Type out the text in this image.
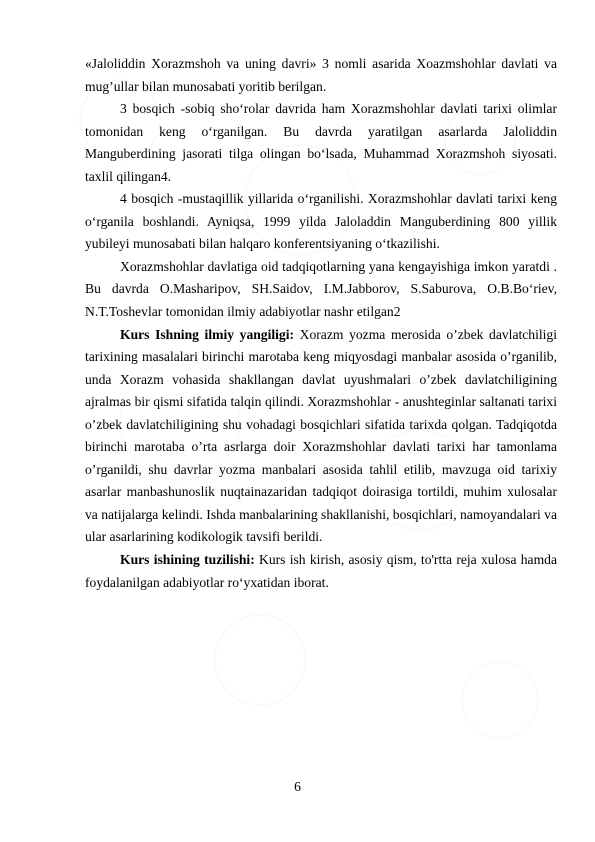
«Jaloliddin Xorazmshoh va uning davri» 3 nomli asarida Xoazmshohlar davlati va mug’ullar bilan munosabati yoritib berilgan.

3 bosqich -sobiq sho‘rolar davrida ham Xorazmshohlar davlati tarixi olimlar tomonidan keng o‘rganilgan. Bu davrda yaratilgan asarlarda Jaloliddin Manguberdining jasorati tilga olingan bo‘lsada, Muhammad Xorazmshoh siyosati. taxlil qilingan4.

4 bosqich -mustaqillik yillarida o‘rganilishi. Xorazmshohlar davlati tarixi keng o‘rganila boshlandi. Ayniqsa, 1999 yilda Jaloladdin Manguberdining 800 yillik yubileyi munosabati bilan halqaro konferentsiyaning o‘tkazilishi.

Xorazmshohlar davlatiga oid tadqiqotlarning yana kengayishiga imkon yaratdi . Bu davrda O.Masharipov, SH.Saidov, I.M.Jabborov, S.Saburova, O.B.Bo‘riev, N.T.Toshevlar tomonidan ilmiy adabiyotlar nashr etilgan2

Kurs Ishning ilmiy yangiligi: Xorazm yozma merosida o’zbek davlatchiligi tarixining masalalari birinchi marotaba keng miqyosdagi manbalar asosida o’rganilib, unda Xorazm vohasida shakllangan davlat uyushmalari o’zbek davlatchiligining ajralmas bir qismi sifatida talqin qilindi. Xorazmshohlar - anushteginlar saltanati tarixi o’zbek davlatchiligining shu vohadagi bosqichlari sifatida tarixda qolgan. Tadqiqotda birinchi marotaba o’rta asrlarga doir Xorazmshohlar davlati tarixi har tamonlama o’rganildi, shu davrlar yozma manbalari asosida tahlil etilib, mavzuga oid tarixiy asarlar manbashunoslik nuqtainazaridan tadqiqot doirasiga tortildi, muhim xulosalar va natijalarga kelindi. Ishda manbalarining shakllanishi, bosqichlari, namoyandalari va ular asarlarining kodikologik tavsifi berildi.

Kurs ishining tuzilishi: Kurs ish kirish, asosiy qism, to'rtta reja xulosa hamda foydalanilgan adabiyotlar ro‘yxatidan iborat.

6
